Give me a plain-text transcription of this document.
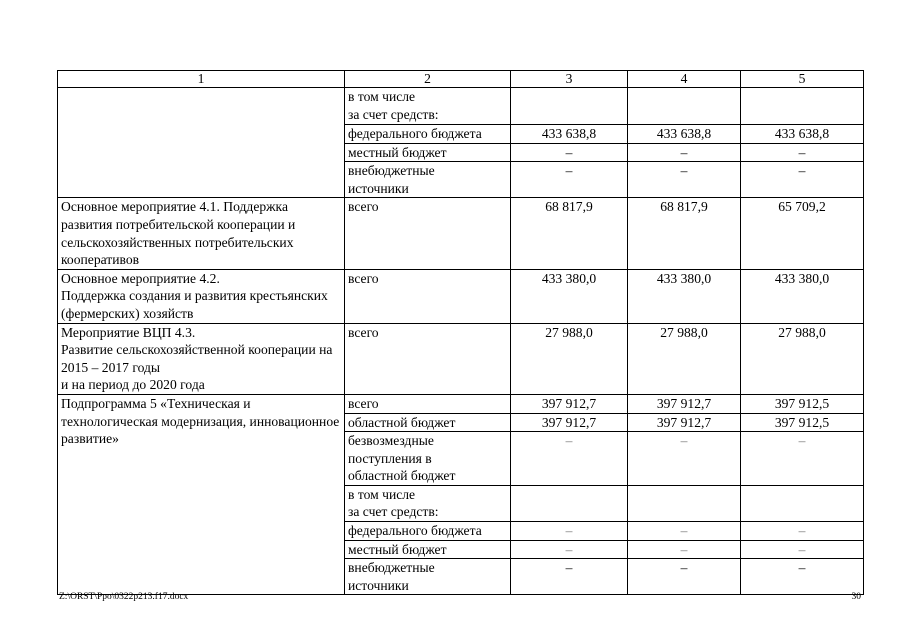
1	2	3	4	5
	в том числе
за счет средств:			
	федерального бюджета	433 638,8	433 638,8	433 638,8
	местный бюджет	–	–	–
	внебюджетные
источники	–	–	–
Основное мероприятие 4.1. Поддержка развития потребительской кооперации и сельскохозяйственных потребительских кооперативов	всего	68 817,9	68 817,9	65 709,2
Основное мероприятие 4.2.
Поддержка создания и развития крестьянских (фермерских) хозяйств	всего	433 380,0	433 380,0	433 380,0
Мероприятие ВЦП 4.3.
Развитие сельскохозяйственной кооперации на 2015 – 2017 годы
и на период до 2020 года	всего	27 988,0	27 988,0	27 988,0
Подпрограмма 5 «Техническая и технологическая модернизация, инновационное развитие»	всего	397 912,7	397 912,7	397 912,5
	областной бюджет	397 912,7	397 912,7	397 912,5
	безвозмездные
поступления в
областной бюджет	–	–	–
	в том числе
за счет средств:			
	федерального бюджета	–	–	–
	местный бюджет	–	–	–
	внебюджетные
источники	–	–	–
Z:\ORST\Ppo\0322p213.f17.docx	30
